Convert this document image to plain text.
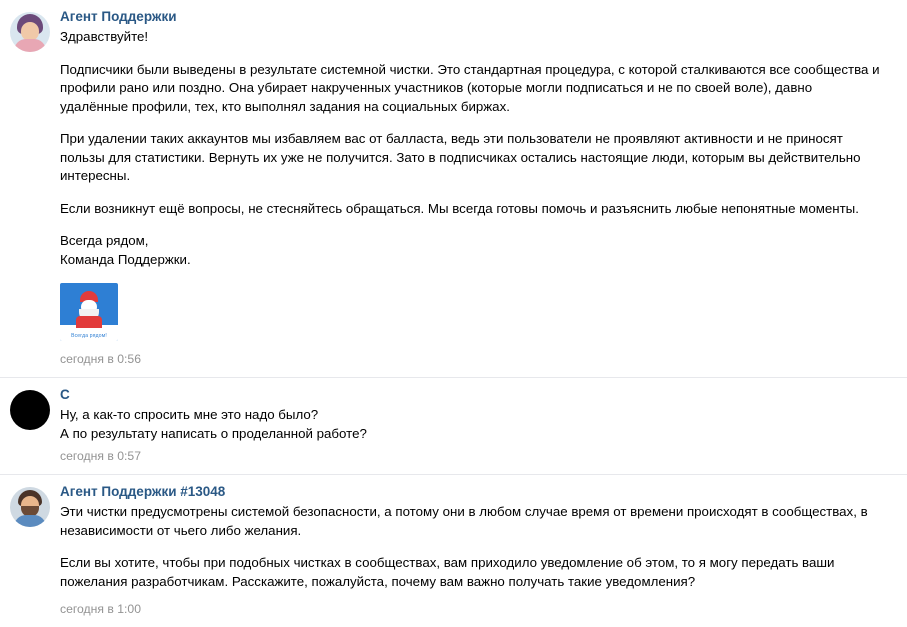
Агент Поддержки

Здравствуйте!

Подписчики были выведены в результате системной чистки. Это стандартная процедура, с которой сталкиваются все сообщества и профили рано или поздно. Она убирает накрученных участников (которые могли подписаться и не по своей воле), давно удалённые профили, тех, кто выполнял задания на социальных биржах.

При удалении таких аккаунтов мы избавляем вас от балласта, ведь эти пользователи не проявляют активности и не приносят пользы для статистики. Вернуть их уже не получится. Зато в подписчиках остались настоящие люди, которым вы действительно интересны.

Если возникнут ещё вопросы, не стесняйтесь обращаться. Мы всегда готовы помочь и разъяснить любые непонятные моменты.

Всегда рядом,
Команда Поддержки.
Всегда рядом!
сегодня в 0:56
С

Ну, а как-то спросить мне это надо было?

А по результату написать о проделанной работе?

сегодня в 0:57
Агент Поддержки #13048

Эти чистки предусмотрены системой безопасности, а потому они в любом случае время от времени происходят в сообществах, в независимости от чьего либо желания.

Если вы хотите, чтобы при подобных чистках в сообществах, вам приходило уведомление об этом, то я могу передать ваши пожелания разработчикам. Расскажите, пожалуйста, почему вам важно получать такие уведомления?

сегодня в 1:00
